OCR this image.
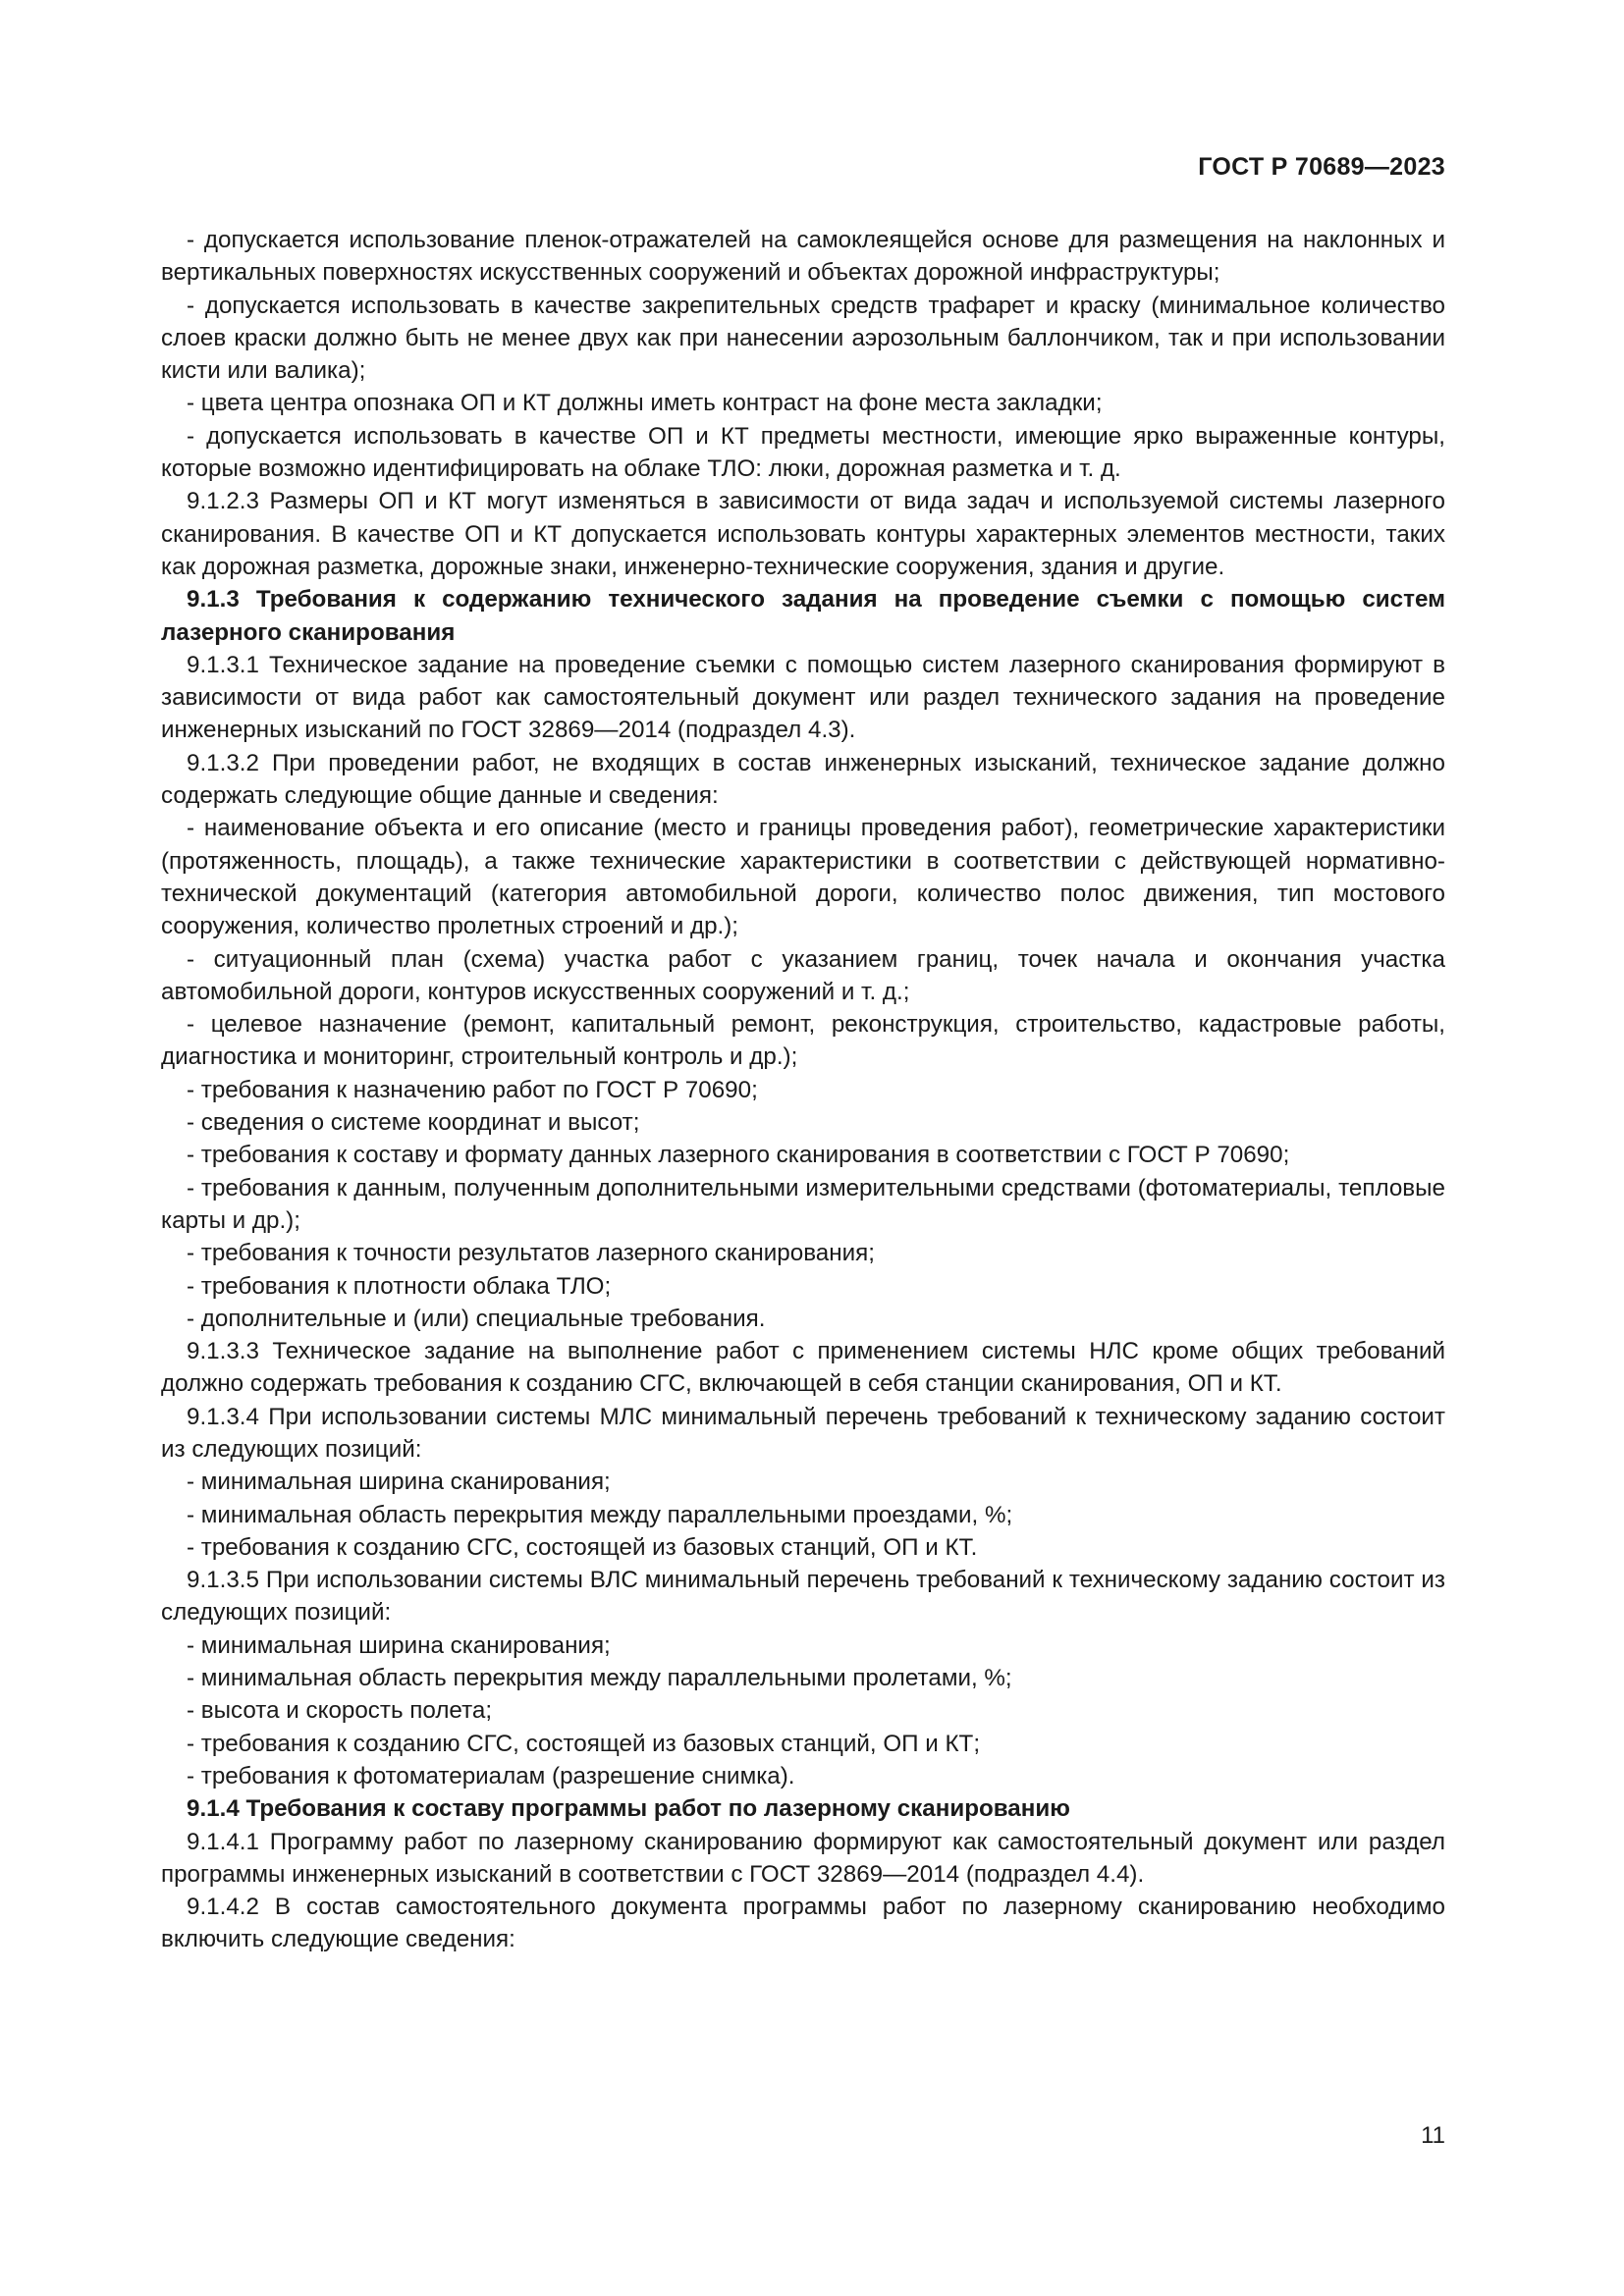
ГОСТ Р 70689—2023

- допускается использование пленок-отражателей на самоклеящейся основе для размещения на наклонных и вертикальных поверхностях искусственных сооружений и объектах дорожной инфраструктуры;

- допускается использовать в качестве закрепительных средств трафарет и краску (минимальное количество слоев краски должно быть не менее двух как при нанесении аэрозольным баллончиком, так и при использовании кисти или валика);

- цвета центра опознака ОП и КТ должны иметь контраст на фоне места закладки;

- допускается использовать в качестве ОП и КТ предметы местности, имеющие ярко выраженные контуры, которые возможно идентифицировать на облаке ТЛО: люки, дорожная разметка и т. д.

9.1.2.3 Размеры ОП и КТ могут изменяться в зависимости от вида задач и используемой системы лазерного сканирования. В качестве ОП и КТ допускается использовать контуры характерных элементов местности, таких как дорожная разметка, дорожные знаки, инженерно-технические сооружения, здания и другие.

9.1.3 Требования к содержанию технического задания на проведение съемки с помощью систем лазерного сканирования

9.1.3.1 Техническое задание на проведение съемки с помощью систем лазерного сканирования формируют в зависимости от вида работ как самостоятельный документ или раздел технического задания на проведение инженерных изысканий по ГОСТ 32869—2014 (подраздел 4.3).

9.1.3.2 При проведении работ, не входящих в состав инженерных изысканий, техническое задание должно содержать следующие общие данные и сведения:

- наименование объекта и его описание (место и границы проведения работ), геометрические характеристики (протяженность, площадь), а также технические характеристики в соответствии с действующей нормативно-технической документаций (категория автомобильной дороги, количество полос движения, тип мостового сооружения, количество пролетных строений и др.);

- ситуационный план (схема) участка работ с указанием границ, точек начала и окончания участка автомобильной дороги, контуров искусственных сооружений и т. д.;

- целевое назначение (ремонт, капитальный ремонт, реконструкция, строительство, кадастровые работы, диагностика и мониторинг, строительный контроль и др.);

- требования к назначению работ по ГОСТ Р 70690;

- сведения о системе координат и высот;

- требования к составу и формату данных лазерного сканирования в соответствии с ГОСТ Р 70690;

- требования к данным, полученным дополнительными измерительными средствами (фотоматериалы, тепловые карты и др.);

- требования к точности результатов лазерного сканирования;

- требования к плотности облака ТЛО;

- дополнительные и (или) специальные требования.

9.1.3.3 Техническое задание на выполнение работ с применением системы НЛС кроме общих требований должно содержать требования к созданию СГС, включающей в себя станции сканирования, ОП и КТ.

9.1.3.4 При использовании системы МЛС минимальный перечень требований к техническому заданию состоит из следующих позиций:

- минимальная ширина сканирования;

- минимальная область перекрытия между параллельными проездами, %;

- требования к созданию СГС, состоящей из базовых станций, ОП и КТ.

9.1.3.5 При использовании системы ВЛС минимальный перечень требований к техническому заданию состоит из следующих позиций:

- минимальная ширина сканирования;

- минимальная область перекрытия между параллельными пролетами, %;

- высота и скорость полета;

- требования к созданию СГС, состоящей из базовых станций, ОП и КТ;

- требования к фотоматериалам (разрешение снимка).

9.1.4 Требования к составу программы работ по лазерному сканированию

9.1.4.1 Программу работ по лазерному сканированию формируют как самостоятельный документ или раздел программы инженерных изысканий в соответствии с ГОСТ 32869—2014 (подраздел 4.4).

9.1.4.2 В состав самостоятельного документа программы работ по лазерному сканированию необходимо включить следующие сведения:

11
